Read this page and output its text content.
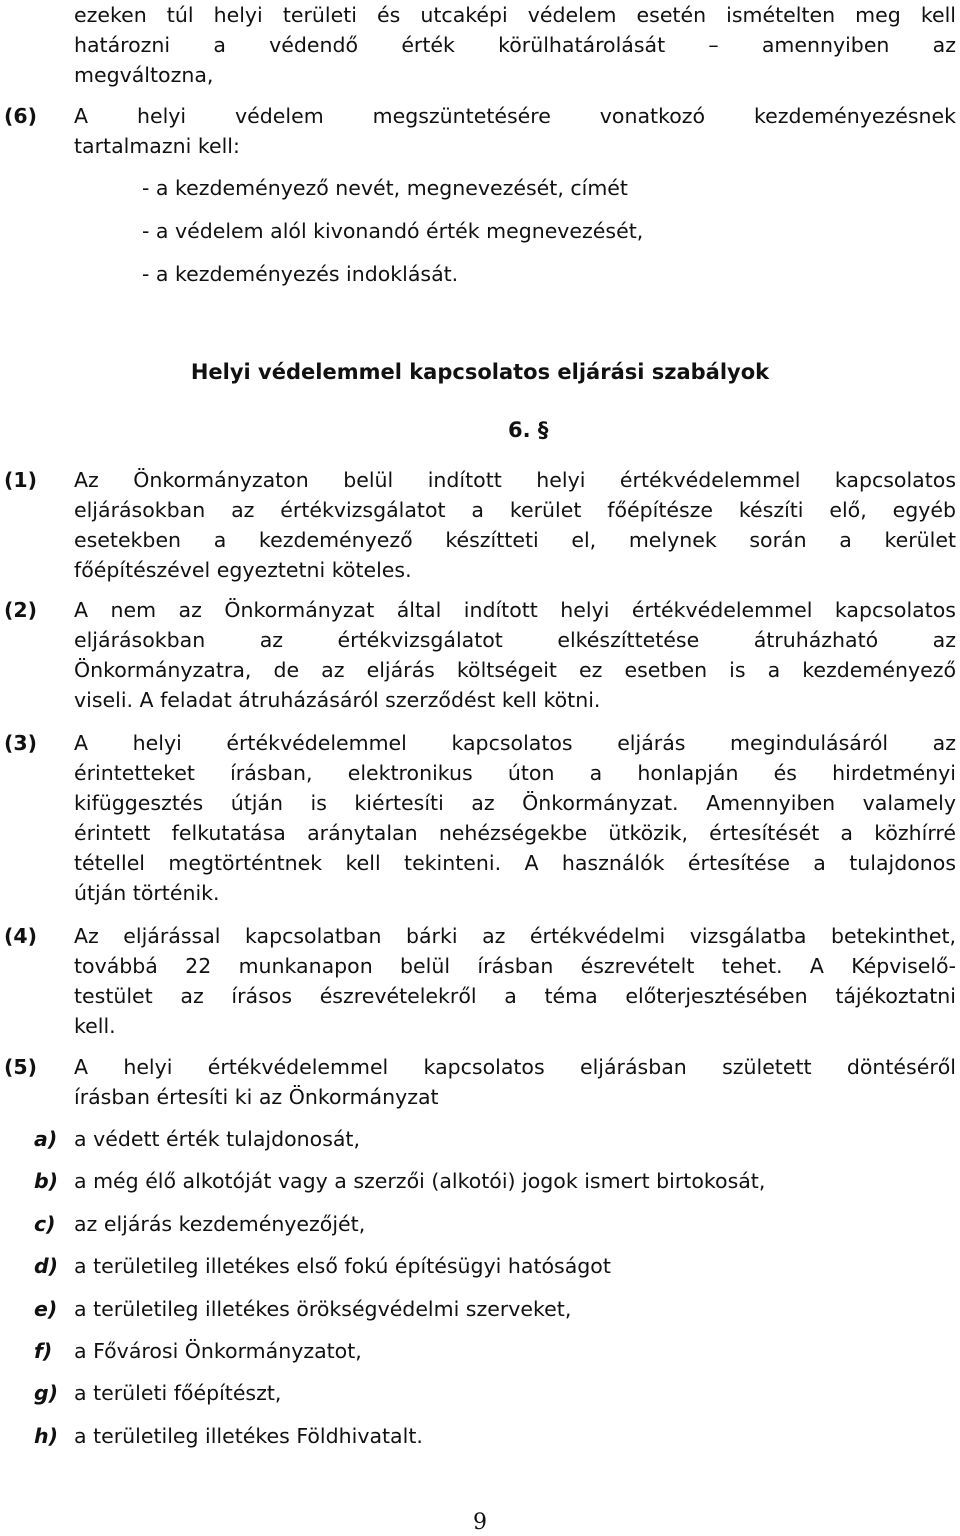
ezeken túl helyi területi és utcaképi védelem esetén ismételten meg kell
határozni a védendő érték körülhatárolását – amennyiben az
megváltozna,
(6) A helyi védelem megszüntetésére vonatkozó kezdeményezésnek
tartalmazni kell:
- a kezdeményező nevét, megnevezését, címét
- a védelem alól kivonandó érték megnevezését,
- a kezdeményezés indoklását.
Helyi védelemmel kapcsolatos eljárási szabályok
6. §
(1) Az Önkormányzaton belül indított helyi értékvédelemmel kapcsolatos
eljárásokban az értékvizsgálatot a kerület főépítésze készíti elő, egyéb
esetekben a kezdeményező készítteti el, melynek során a kerület
főépítészével egyeztetni köteles.
(2) A nem az Önkormányzat által indított helyi értékvédelemmel kapcsolatos
eljárásokban az értékvizsgálatot elkészíttetése átruházható az
Önkormányzatra, de az eljárás költségeit ez esetben is a kezdeményező
viseli. A feladat átruházásáról szerződést kell kötni.
(3) A helyi értékvédelemmel kapcsolatos eljárás megindulásáról az
érintetteket írásban, elektronikus úton a honlapján és hirdetményi
kifüggesztés útján is kiértesíti az Önkormányzat. Amennyiben valamely
érintett felkutatása aránytalan nehézségekbe ütközik, értesítését a közhírré
tétellel megtörténtnek kell tekinteni. A használók értesítése a tulajdonos
útján történik.
(4) Az eljárással kapcsolatban bárki az értékvédelmi vizsgálatba betekinthet,
továbbá 22 munkanapon belül írásban észrevételt tehet. A Képviselő-
testület az írásos észrevételekről a téma előterjesztésében tájékoztatni
kell.
(5) A helyi értékvédelemmel kapcsolatos eljárásban született döntéséről
írásban értesíti ki az Önkormányzat
a) a védett érték tulajdonosát,
b) a még élő alkotóját vagy a szerzői (alkotói) jogok ismert birtokosát,
c) az eljárás kezdeményezőjét,
d) a területileg illetékes első fokú építésügyi hatóságot
e) a területileg illetékes örökségvédelmi szerveket,
f) a Fővárosi Önkormányzatot,
g) a területi főépítészt,
h) a területileg illetékes Földhivatalt.
9
